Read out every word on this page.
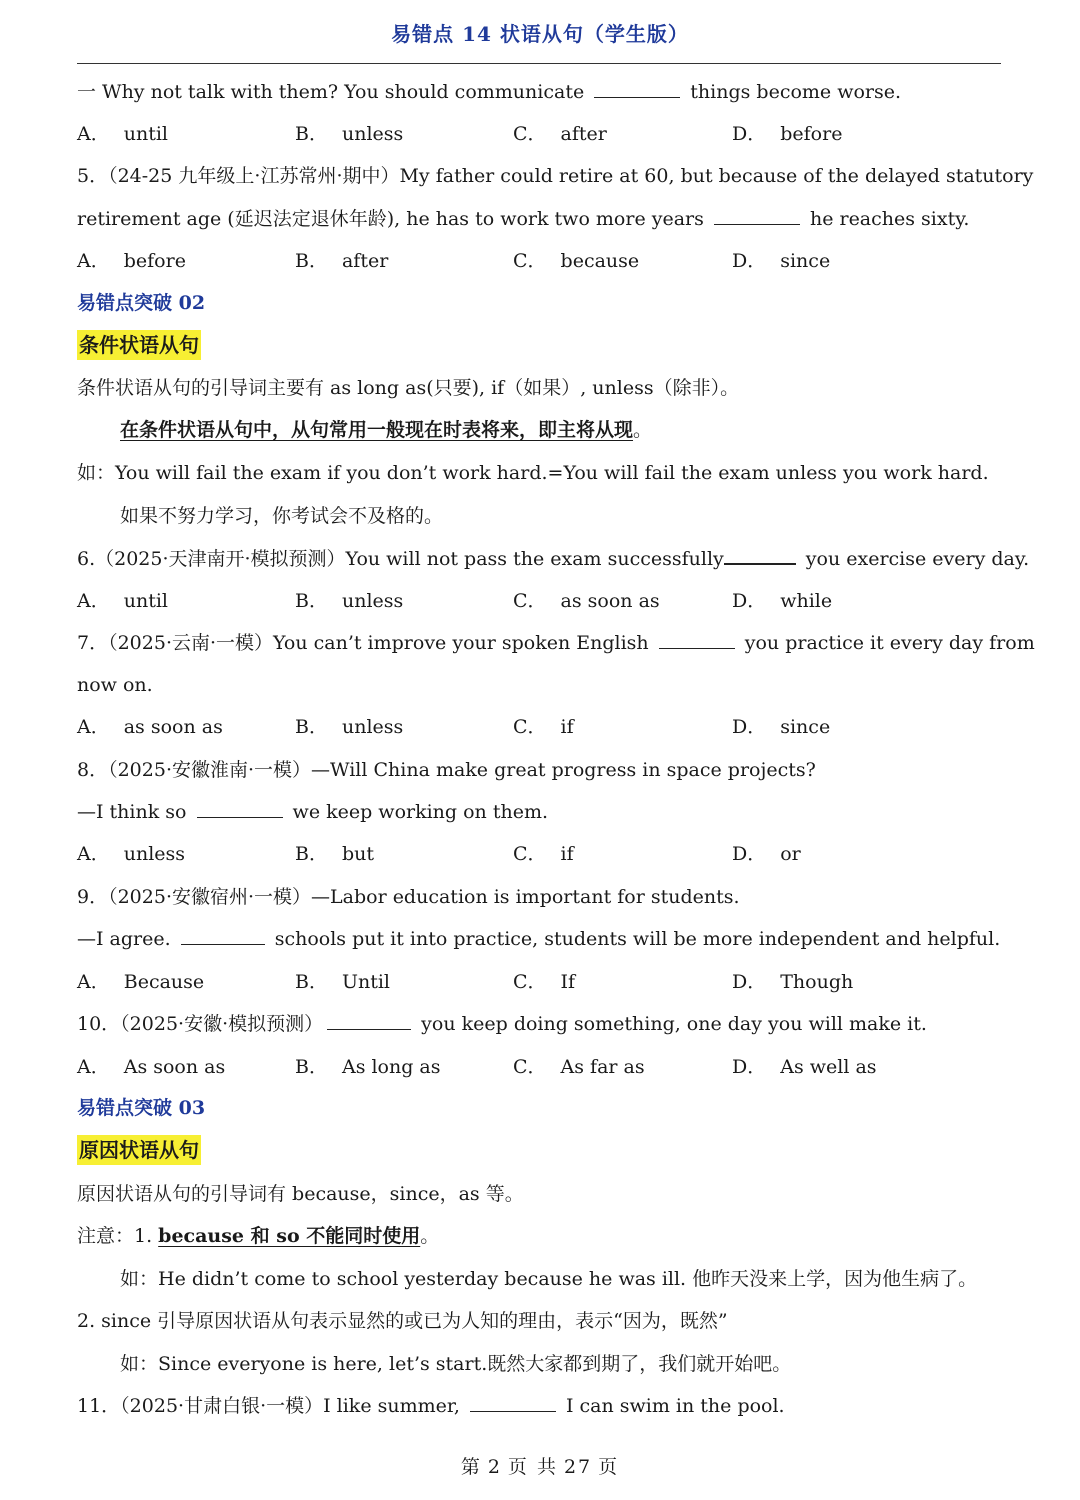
易错点 14 状语从句（学生版）
一 Why not talk with them? You should communicate	things become worse.
A． until	B． unless	C． after	D． before
5．（24-25 九年级上·江苏常州·期中）My father could retire at 60, but because of the delayed statutory
retirement age (延迟法定退休年龄), he has to work two more years	he reaches sixty.
A． before	B． after	C． because	D． since
易错点突破 02
条件状语从句
条件状语从句的引导词主要有 as long as(只要), if（如果）, unless（除非）。
在条件状语从句中，从句常用一般现在时表将来，即主将从现。
如：You will fail the exam if you don’t work hard.=You will fail the exam unless you work hard.
如果不努力学习，你考试会不及格的。
6.（2025·天津南开·模拟预测）You will not pass the exam successfully	you exercise every day.
A． until	B． unless	C． as soon as	D． while
7．（2025·云南·一模）You can’t improve your spoken English	you practice it every day from
now on.
A． as soon as	B． unless	C． if	D． since
8．（2025·安徽淮南·一模）—Will China make great progress in space projects?
—I think so	we keep working on them.
A． unless	B． but	C． if	D． or
9．（2025·安徽宿州·一模）—Labor education is important for students.
—I agree.	schools put it into practice, students will be more independent and helpful.
A． Because	B． Until	C． If	D． Though
10．（2025·安徽·模拟预测）	you keep doing something, one day you will make it.
A． As soon as	B． As long as	C． As far as	D． As well as
易错点突破 03
原因状语从句
原因状语从句的引导词有 because，since，as 等。
注意：1. because 和 so 不能同时使用。
如：He didn’t come to school yesterday because he was ill. 他昨天没来上学，因为他生病了。
2. since 引导原因状语从句表示显然的或已为人知的理由，表示“因为，既然”
如：Since everyone is here, let’s start.既然大家都到期了，我们就开始吧。
11．（2025·甘肃白银·一模）I like summer,	I can swim in the pool.
第 2 页 共 27 页
